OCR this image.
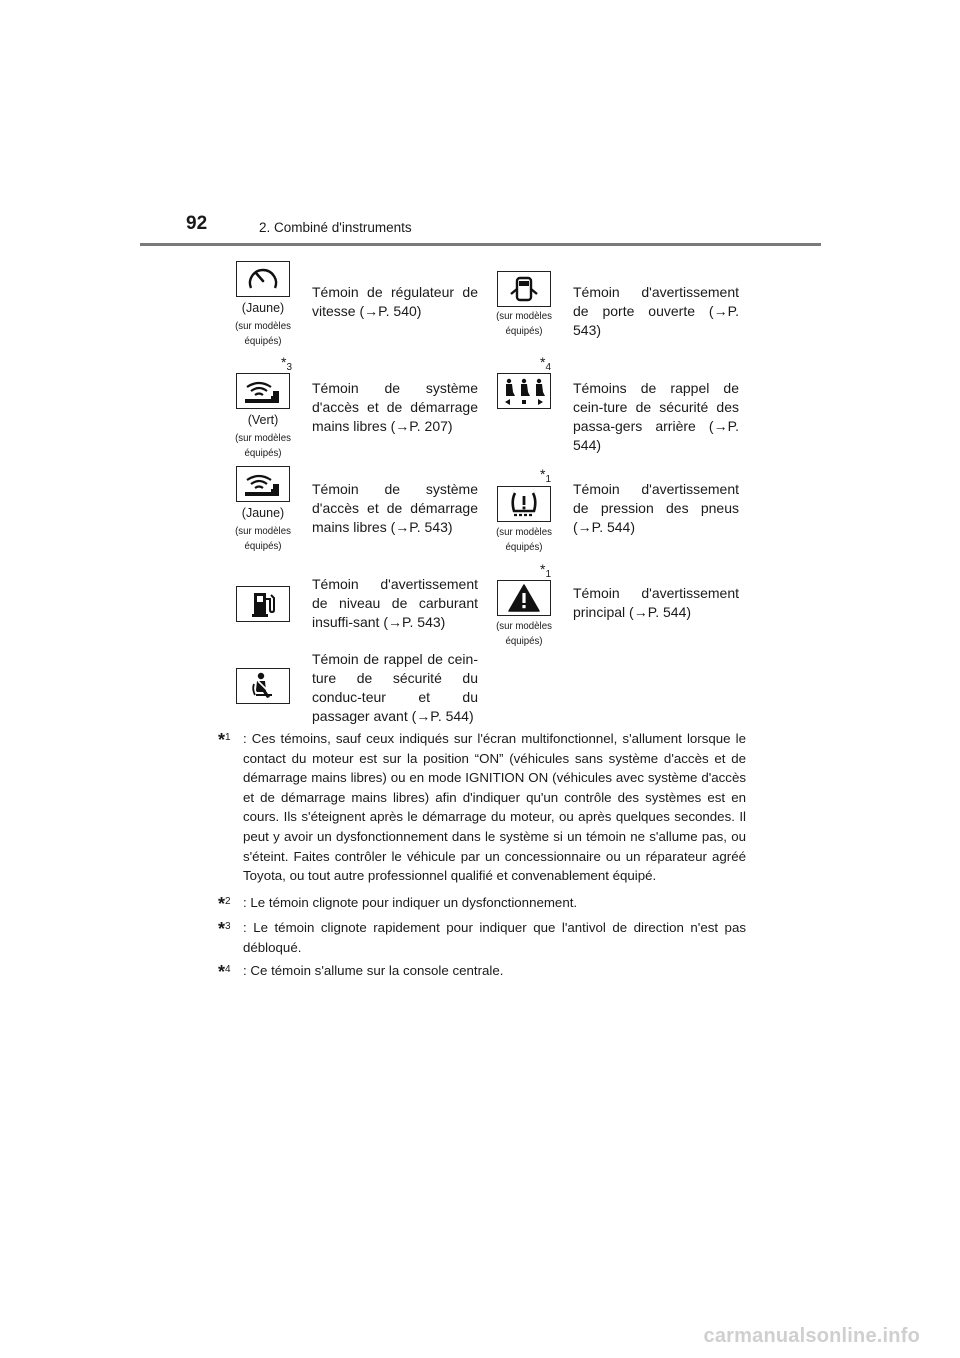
92	2. Combiné d'instruments
(Jaune)
(sur modèles équipés)
Témoin de régulateur de vitesse (→P. 540)
$*_3$
(Vert)
(sur modèles équipés)
Témoin de système d'accès et de démarrage mains libres (→P. 207)
(Jaune)
(sur modèles équipés)
Témoin de système d'accès et de démarrage mains libres (→P. 543)
Témoin d'avertissement de niveau de carburant insuffi-sant (→P. 543)
Témoin de rappel de cein-ture de sécurité du conduc-teur et du passager avant (→P. 544)
(sur modèles équipés)
Témoin d'avertissement de porte ouverte (→P. 543)
$*_4$
Témoins de rappel de cein-ture de sécurité des passa-gers arrière (→P. 544)
$*_1$
(sur modèles équipés)
Témoin d'avertissement de pression des pneus (→P. 544)
$*_1$
(sur modèles équipés)
Témoin d'avertissement principal (→P. 544)
*$^1$ : Ces témoins, sauf ceux indiqués sur l'écran multifonctionnel, s'allument lorsque le contact du moteur est sur la position “ON” (véhicules sans système d'accès et de démarrage mains libres) ou en mode IGNITION ON (véhicules avec système d'accès et de démarrage mains libres) afin d'indiquer qu'un contrôle des systèmes est en cours. Ils s'éteignent après le démarrage du moteur, ou après quelques secondes. Il peut y avoir un dysfonctionnement dans le système si un témoin ne s'allume pas, ou s'éteint. Faites contrôler le véhicule par un concessionnaire ou un réparateur agréé Toyota, ou tout autre professionnel qualifié et convenablement équipé.
*$^2$ : Le témoin clignote pour indiquer un dysfonctionnement.
*$^3$ : Le témoin clignote rapidement pour indiquer que l'antivol de direction n'est pas débloqué.
*$^4$ : Ce témoin s'allume sur la console centrale.
carmanualsonline.info
